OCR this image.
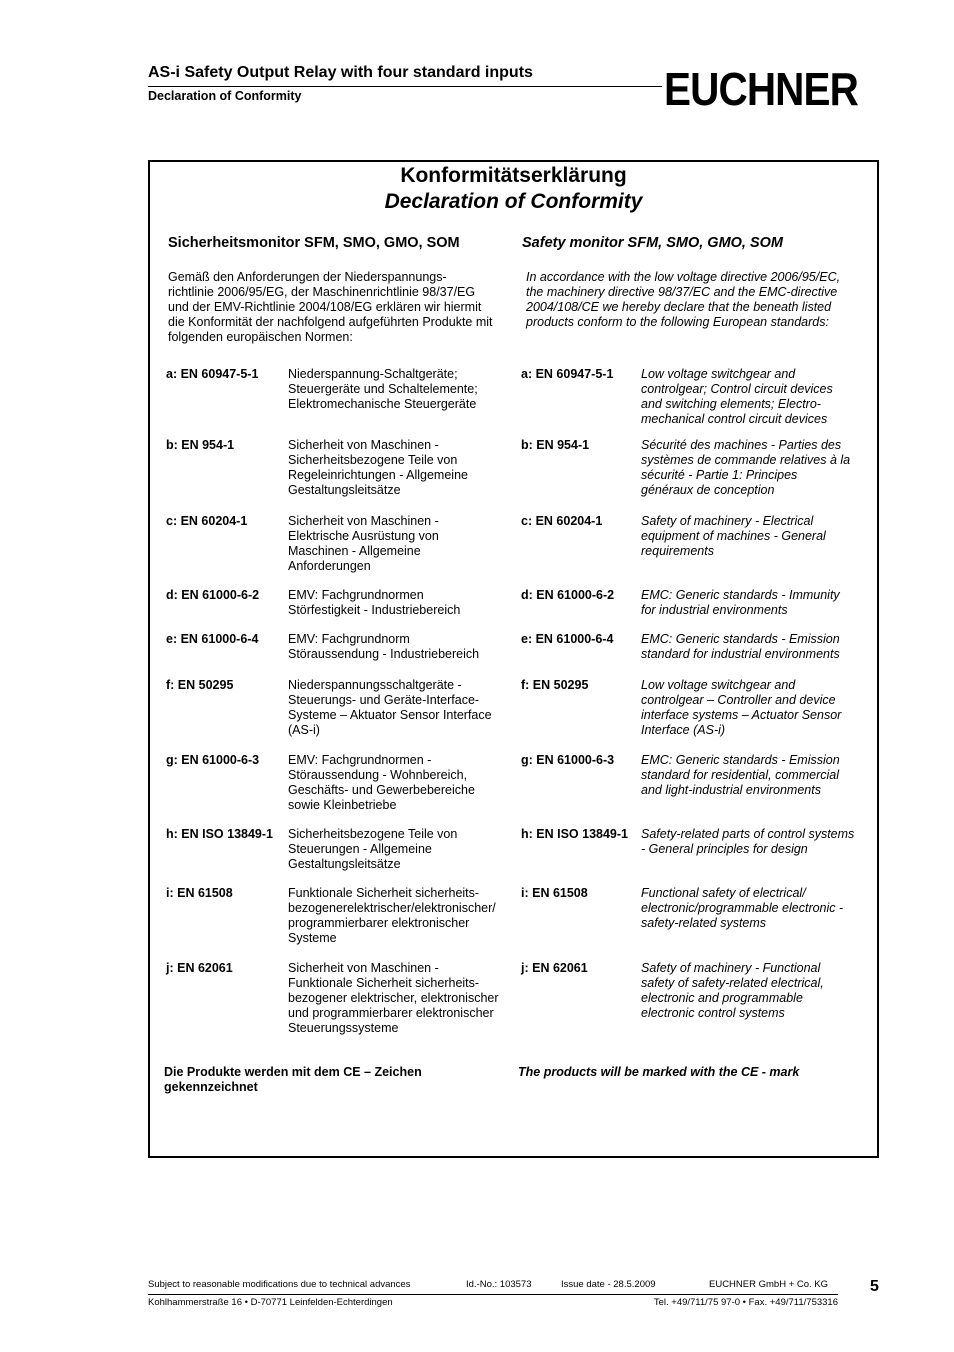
AS-i Safety Output Relay with four standard inputs
Declaration of Conformity	EUCHNER
Konformitätserklärung
Declaration of Conformity
Sicherheitsmonitor SFM, SMO, GMO, SOM	Safety monitor SFM, SMO, GMO, SOM
Gemäß den Anforderungen der Niederspannungs-
richtlinie 2006/95/EG, der Maschinenrichtlinie 98/37/EG
und der EMV-Richtlinie 2004/108/EG erklären wir hiermit
die Konformität der nachfolgend aufgeführten Produkte mit
folgenden europäischen Normen:
In accordance with the low voltage directive 2006/95/EC,
the machinery directive 98/37/EC and the EMC-directive
2004/108/CE we hereby declare that the beneath listed
products conform to the following European standards:
a: EN 60947-5-1 Niederspannung-Schaltgeräte;
Steuergeräte und Schaltelemente;
Elektromechanische Steuergeräte
a: EN 60947-5-1 Low voltage switchgear and
controlgear; Control circuit devices
and switching elements; Electro-
mechanical control circuit devices
b: EN 954-1	Sicherheit von Maschinen -
Sicherheitsbezogene Teile von
Regeleinrichtungen - Allgemeine
Gestaltungsleitsätze
b: EN 954-1	Sécurité des machines - Parties des
systèmes de commande relatives à la
sécurité - Partie 1: Principes
généraux de conception
c: EN 60204-1	Sicherheit von Maschinen -
Elektrische Ausrüstung von
Maschinen - Allgemeine
Anforderungen
c: EN 60204-1	Safety of machinery - Electrical
equipment of machines - General
requirements
d: EN 61000-6-2 EMV: Fachgrundnormen
Störfestigkeit - Industriebereich
d: EN 61000-6-2 EMC: Generic standards - Immunity
for industrial environments
e: EN 61000-6-4 EMV: Fachgrundnorm
Störaussendung - Industriebereich
e: EN 61000-6-4 EMC: Generic standards - Emission
standard for industrial environments
f: EN 50295	Niederspannungsschaltgeräte -
Steuerungs- und Geräte-Interface-
Systeme – Aktuator Sensor Interface
(AS-i)
f: EN 50295	Low voltage switchgear and
controlgear – Controller and device
interface systems – Actuator Sensor
Interface (AS-i)
g: EN 61000-6-3 EMV: Fachgrundnormen -
Störaussendung - Wohnbereich,
Geschäfts- und Gewerbebereiche
sowie Kleinbetriebe
g: EN 61000-6-3 EMC: Generic standards - Emission
standard for residential, commercial
and light-industrial environments
h: EN ISO 13849-1 Sicherheitsbezogene Teile von
Steuerungen - Allgemeine
Gestaltungsleitsätze
h: EN ISO 13849-1 Safety-related parts of control systems
- General principles for design
i: EN 61508	Funktionale Sicherheit sicherheits-
bezogenerelektrischer/elektronischer/
programmierbarer elektronischer
Systeme
i: EN 61508	Functional safety of electrical/
electronic/programmable electronic -
safety-related systems
j: EN 62061	Sicherheit von Maschinen -
Funktionale Sicherheit sicherheits-
bezogener elektrischer, elektronischer
und programmierbarer elektronischer
Steuerungssysteme
j: EN 62061	Safety of machinery - Functional
safety of safety-related electrical,
electronic and programmable
electronic control systems
Die Produkte werden mit dem CE – Zeichen
gekennzeichnet
The products will be marked with the CE - mark
Subject to reasonable modifications due to technical advances	Id.-No.: 103573	Issue date - 28.5.2009	EUCHNER GmbH + Co. KG
Kohlhammerstraße 16 • D-70771 Leinfelden-Echterdingen	Tel. +49/711/75 97-0 • Fax. +49/711/753316
5
